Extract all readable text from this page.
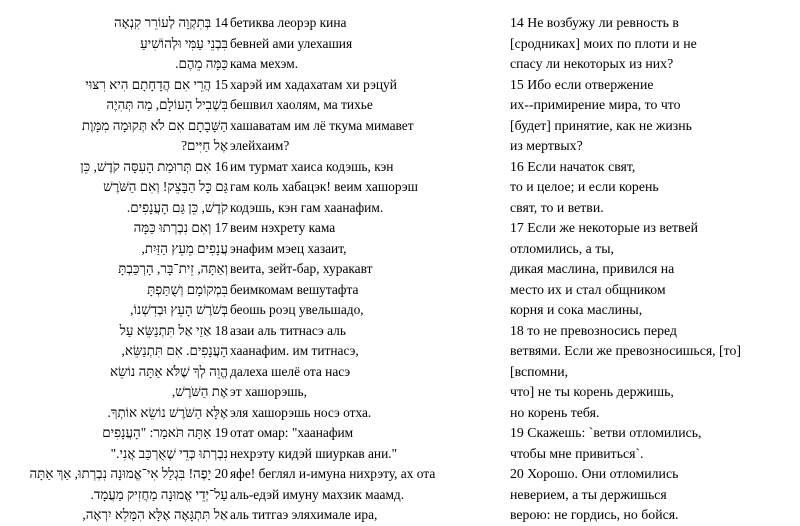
14 בְּתִקְוָה לְעוֹרֵר קִנְאָה
בִּבְנֵי עַמִּי וּלְהוֹשִׁיעַ
כַּמָּה מֵהֶם.
15 הֲרֵי אִם הֲדָחָתָם הִיא רִצּוּי
בִּשְׁבִיל הָעוֹלָם, מַה תְּהִיֶה
הַשָּׁבָתָם אִם לֹא תְּקוּמָה מִמָּוֶת
אֶל חַיִּים?
16 אִם תְּרוּמַת הָעִסָּה קֹדֶשׁ, כֵּן
גַּם כָּל הַבָּצֵק! וְאִם הַשֹּׁרֶשׁ
קֹדֶשׁ, כֵּן גַּם הָעֲנָפִים.
17 וְאִם נִבְרְתוּ כַּמָּה
עֲנָפִים מֵעֵץ הַזַּיִת,
וְאַתָּה, זֵית־בָּר, הָרְכַּבְתָּ
בִּמְקוֹמָם וְשֻׁתַּפְתָּ
בְּשֹׁרֶשׁ הָעֵץ וּבְדִשְׁנוֹ,
18 אַזַי אַל תִּתְנַשֵּׂא עַל
הָעֲנָפִים. אִם תִּתְנַשֵּׂא,
הֱוֵה לְךָ שֶׁלֹּא אַתָּה נוֹשֵׂא
אֶת הַשֹּׁרֶשׁ,
אֶלָּא הַשֹּׁרֶשׁ נוֹשֵׂא אוֹתְךָ.
19 אַתָּה תֹּאמַר: "הָעֲנָפִים
נִבְרְתוּ כְּדֵי שֶׁאֻרְכַּב אֲנִי."
20 יָפֶה! בִּגְלַל אִי־אֱמוּנָה נִבְרְתוּ, אַךְ אַתָּה
עַל־יְדֵי אֱמוּנָה מַחֲזִיק מַעֲמָד.
אַל תִּתְגָּאֶה אֶלָּא הִמָּלֵא יִרְאָה,
бетиква леорэр кина
бевней ами улехашия
кама мехэм.
харэй им хадахатам хи рэцуй
бешвил хаолям, ма тихье
хашаватам им лё ткума мимавет
элейхаим?
им турмат хаиса кодэшь, кэн
гам коль хабацэк! веим хашорэш
кодэшь, кэн гам хаанафим.
веим нэхрету кама
энафим мэец хазаит,
веита, зейт-бар, хуракавт
беимкомам вешутафта
беошь роэц увельшадо,
азаи аль титнасэ аль
хаанафим. им титнасэ,
далеха шелё ота насэ
эт хашорэшь,
эля хашорэшь носэ отха.
отат омар: "хаанафим
нехрэту кидэй шиуркав ани."
яфе! беглял и-имуна нихрэту, ах ота
аль-едэй имуну махзик маамд.
аль титгаэ эляхимале ира,
14 Не возбужу ли ревность в
[сродниках] моих по плоти и не
спасу ли некоторых из них?
15 Ибо если отвержение
их--примирение мира, то что
[будет] принятие, как не жизнь
из мертвых?
16 Если начаток свят,
то и целое; и если корень
свят, то и ветви.
17 Если же некоторые из ветвей
отломились, а ты,
дикая маслина, привился на
место их и стал общником
корня и сока маслины,
18 то не превозносись перед
ветвями. Если же превозносишься, [то]
[вспомни,
что] не ты корень держишь,
но корень тебя.
19 Скажешь: `ветви отломились,
чтобы мне привиться`.
20 Хорошо. Они отломились
неверием, а ты держишься
верою: не гордись, но бойся.
